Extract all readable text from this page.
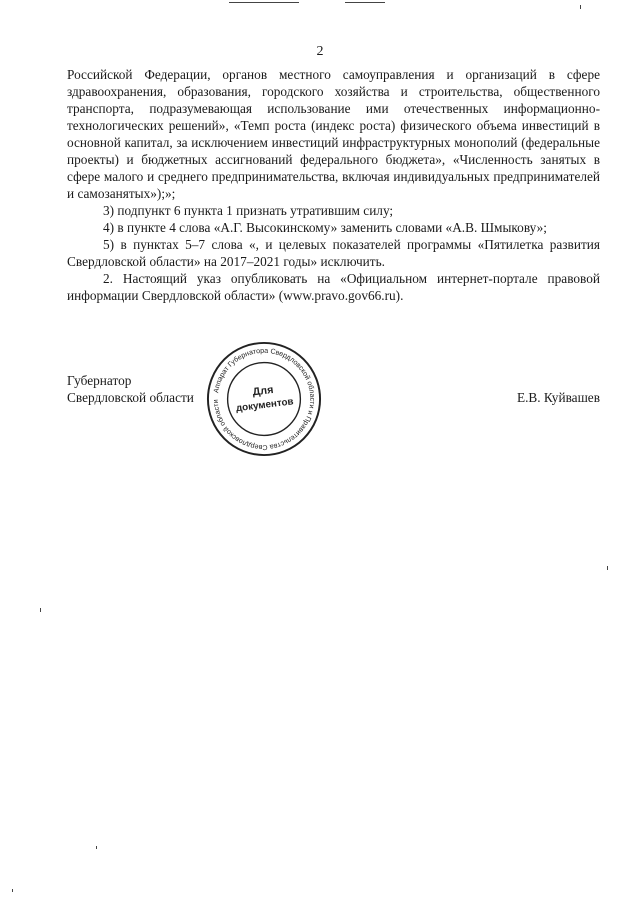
2

Российской Федерации, органов местного самоуправления и организаций в сфере здравоохранения, образования, городского хозяйства и строительства, общественного транспорта, подразумевающая использование ими отечественных информационно-технологических решений», «Темп роста (индекс роста) физического объема инвестиций в основной капитал, за исключением инвестиций инфраструктурных монополий (федеральные проекты) и бюджетных ассигнований федерального бюджета», «Численность занятых в сфере малого и среднего предпринимательства, включая индивидуальных предпринимателей и самозанятых»);»;

3) подпункт 6 пункта 1 признать утратившим силу;

4) в пункте 4 слова «А.Г. Высокинскому» заменить словами «А.В. Шмыкову»;

5) в пунктах 5–7 слова «, и целевых показателей программы «Пятилетка развития Свердловской области» на 2017–2021 годы» исключить.

2. Настоящий указ опубликовать на «Официальном интернет-портале правовой информации Свердловской области» (www.pravo.gov66.ru).

Губернатор
Свердловской области	Е.В. Куйвашев
Аппарат Губернатора Свердловской области и Правительства Свердловской области
Для
документов
